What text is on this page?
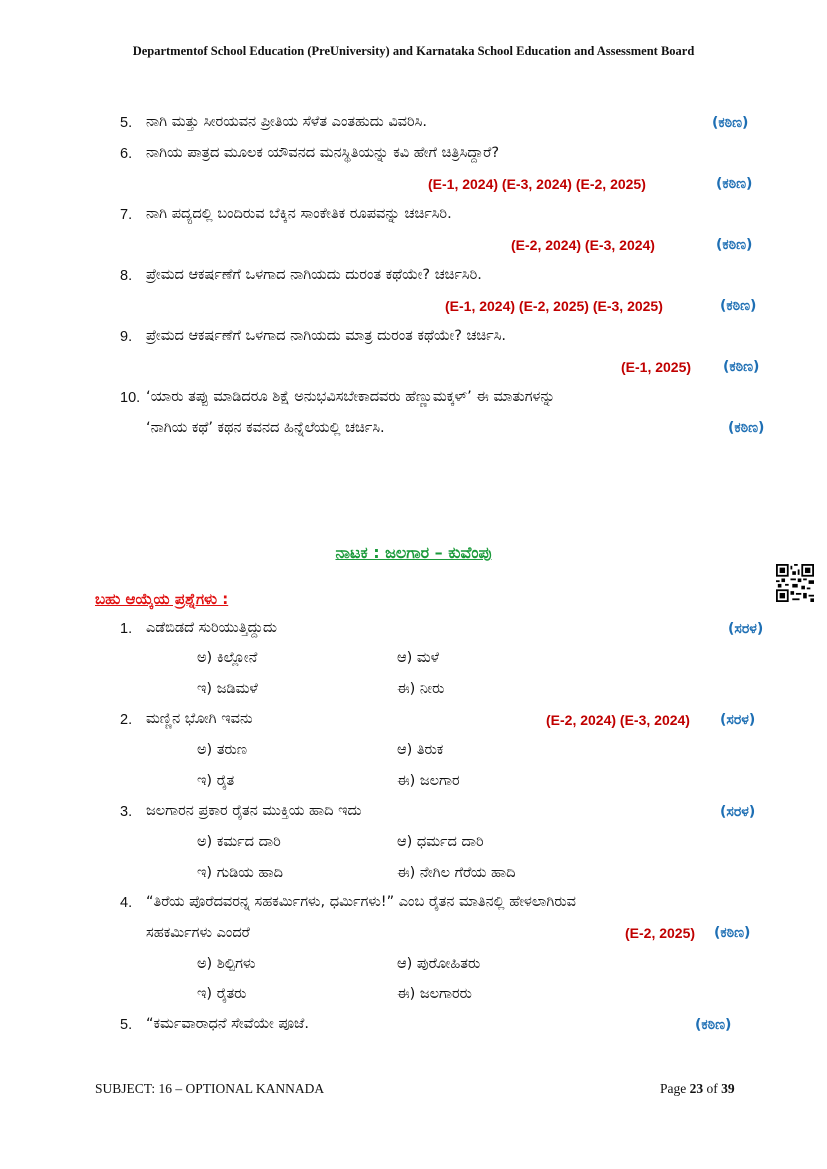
Departmentof School Education (PreUniversity) and Karnataka School Education and Assessment Board
5. ನಾಗಿ ಮತ್ತು ಸೀರಯವನ ಪ್ರೀತಿಯ ಸೆಳೆತ ಎಂತಹುದು ವಿವರಿಸಿ.	(ಕಠಿಣ)
6. ನಾಗಿಯ ಪಾತ್ರದ ಮೂಲಕ ಯೌವನದ ಮನಸ್ಥಿತಿಯನ್ನು ಕವಿ ಹೇಗೆ ಚಿತ್ರಿಸಿದ್ದಾರೆ?
(E-1, 2024) (E-3, 2024) (E-2, 2025)	(ಕಠಿಣ)
7. ನಾಗಿ ಪದ್ಯದಲ್ಲಿ ಬಂದಿರುವ ಬೆಕ್ಕಿನ ಸಾಂಕೇತಿಕ ರೂಪವನ್ನು ಚರ್ಚಿಸಿರಿ.
(E-2, 2024) (E-3, 2024)	(ಕಠಿಣ)
8. ಪ್ರೇಮದ ಆಕರ್ಷಣೆಗೆ ಒಳಗಾದ ನಾಗಿಯದು ದುರಂತ ಕಥೆಯೇ? ಚರ್ಚಿಸಿರಿ.
(E-1, 2024) (E-2, 2025) (E-3, 2025)	(ಕಠಿಣ)
9. ಪ್ರೇಮದ ಆಕರ್ಷಣೆಗೆ ಒಳಗಾದ ನಾಗಿಯದು ಮಾತ್ರ ದುರಂತ ಕಥೆಯೇ? ಚರ್ಚಿಸಿ.
(E-1, 2025) (ಕಠಿಣ)
10. ‘ಯಾರು ತಪ್ಪು ಮಾಡಿದರೂ ಶಿಕ್ಷೆ ಅನುಭವಿಸಬೇಕಾದವರು ಹೆಣ್ಣುಮಕ್ಕಳ್’ ಈ ಮಾತುಗಳನ್ನು
‘ನಾಗಿಯ ಕಥೆ’ ಕಥನ ಕವನದ ಹಿನ್ನೆಲೆಯಲ್ಲಿ ಚರ್ಚಿಸಿ.	(ಕಠಿಣ)
ನಾಟಕ : ಜಲಗಾರ – ಕುವೆಂಪು
ಬಹು ಆಯ್ಕೆಯ ಪ್ರಶ್ನೆಗಳು :
1. ಎಡೆಬಿಡದೆ ಸುರಿಯುತ್ತಿದ್ದುದು	(ಸರಳ)
ಅ) ಕಿಲ್ಲೋನೆ	ಆ) ಮಳೆ
ಇ) ಜಡಿಮಳೆ	ಈ) ನೀರು
2. ಮಣ್ಣಿನ ಭೋಗಿ ಇವನು	(E-2, 2024) (E-3, 2024) (ಸರಳ)
ಅ) ತರುಣ	ಆ) ತಿರುಕ
ಇ) ರೈತ	ಈ) ಜಲಗಾರ
3. ಜಲಗಾರನ ಪ್ರಕಾರ ರೈತನ ಮುಕ್ತಿಯ ಹಾದಿ ಇದು	(ಸರಳ)
ಅ) ಕರ್ಮದ ದಾರಿ	ಆ) ಧರ್ಮದ ದಾರಿ
ಇ) ಗುಡಿಯ ಹಾದಿ	ಈ) ನೇಗಿಲ ಗೆರೆಯ ಹಾದಿ
4. “ತಿರೆಯ ಪೊರೆದವರನ್ನ ಸಹಕರ್ಮಿಗಳು, ಧರ್ಮಿಗಳು!” ಎಂಬ ರೈತನ ಮಾತಿನಲ್ಲಿ ಹೇಳಲಾಗಿರುವ
ಸಹಕರ್ಮಿಗಳು ಎಂದರೆ	(E-2, 2025) (ಕಠಿಣ)
ಅ) ಶಿಲ್ಪಿಗಳು	ಆ) ಪುರೋಹಿತರು
ಇ) ರೈತರು	ಈ) ಜಲಗಾರರು
5. “ಕರ್ಮವಾರಾಧನೆ ಸೇವೆಯೇ ಪೂಜೆ.	(ಕಠಿಣ)
SUBJECT: 16 – OPTIONAL KANNADA	Page 23 of 39
